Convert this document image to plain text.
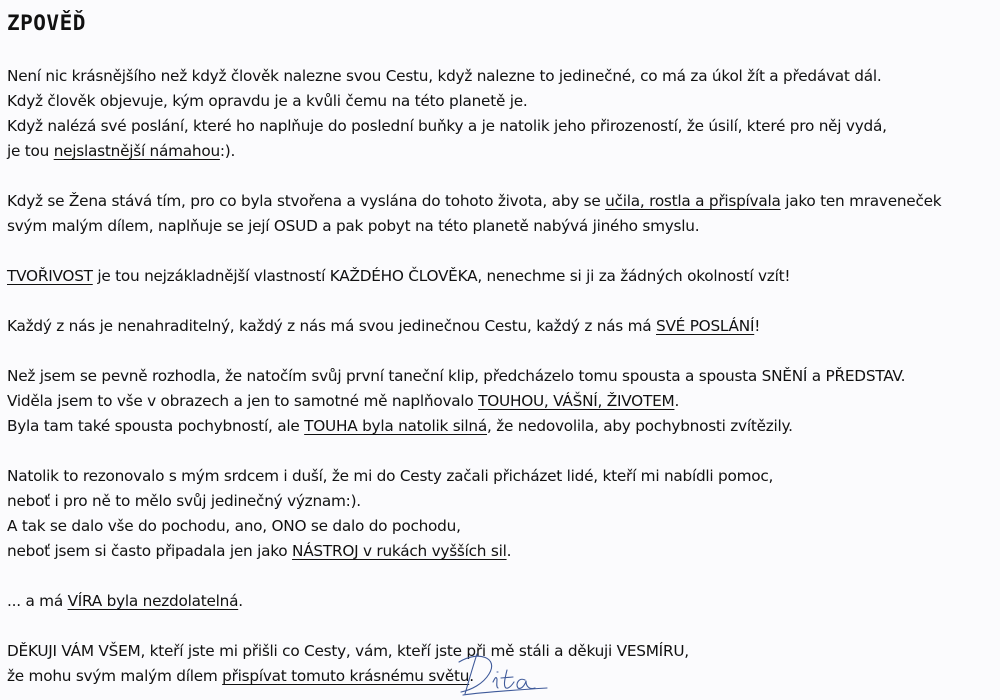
ZPOVĚĎ
Není nic krásnějšího než když člověk nalezne svou Cestu, když nalezne to jedinečné, co má za úkol žít a předávat dál.
Když člověk objevuje, kým opravdu je a kvůli čemu na této planetě je.
Když nalézá své poslání, které ho naplňuje do poslední buňky a je natolik jeho přirozeností, že úsilí, které pro něj vydá,
je tou nejslastnější námahou:).
Když se Žena stává tím, pro co byla stvořena a vyslána do tohoto života, aby se učila, rostla a přispívala jako ten mraveneček
svým malým dílem, naplňuje se její OSUD a pak pobyt na této planetě nabývá jiného smyslu.
TVOŘIVOST je tou nejzákladnější vlastností KAŽDÉHO ČLOVĚKA, nenechme si ji za žádných okolností vzít!
Každý z nás je nenahraditelný, každý z nás má svou jedinečnou Cestu, každý z nás má SVÉ POSLÁNÍ!
Než jsem se pevně rozhodla, že natočím svůj první taneční klip, předcházelo tomu spousta a spousta SNĚNÍ a PŘEDSTAV.
Viděla jsem to vše v obrazech a jen to samotné mě naplňovalo TOUHOU, VÁŠNÍ, ŽIVOTEM.
Byla tam také spousta pochybností, ale TOUHA byla natolik silná, že nedovolila, aby pochybnosti zvítězily.
Natolik to rezonovalo s mým srdcem i duší, že mi do Cesty začali přicházet lidé, kteří mi nabídli pomoc,
neboť i pro ně to mělo svůj jedinečný význam:).
A tak se dalo vše do pochodu, ano, ONO se dalo do pochodu,
neboť jsem si často připadala jen jako NÁSTROJ v rukách vyšších sil.
... a má VÍRA byla nezdolatelná.
DĚKUJI VÁM VŠEM, kteří jste mi přišli co Cesty, vám, kteří jste při mě stáli a děkuji VESMÍRU,
že mohu svým malým dílem přispívat tomuto krásnému světu.
